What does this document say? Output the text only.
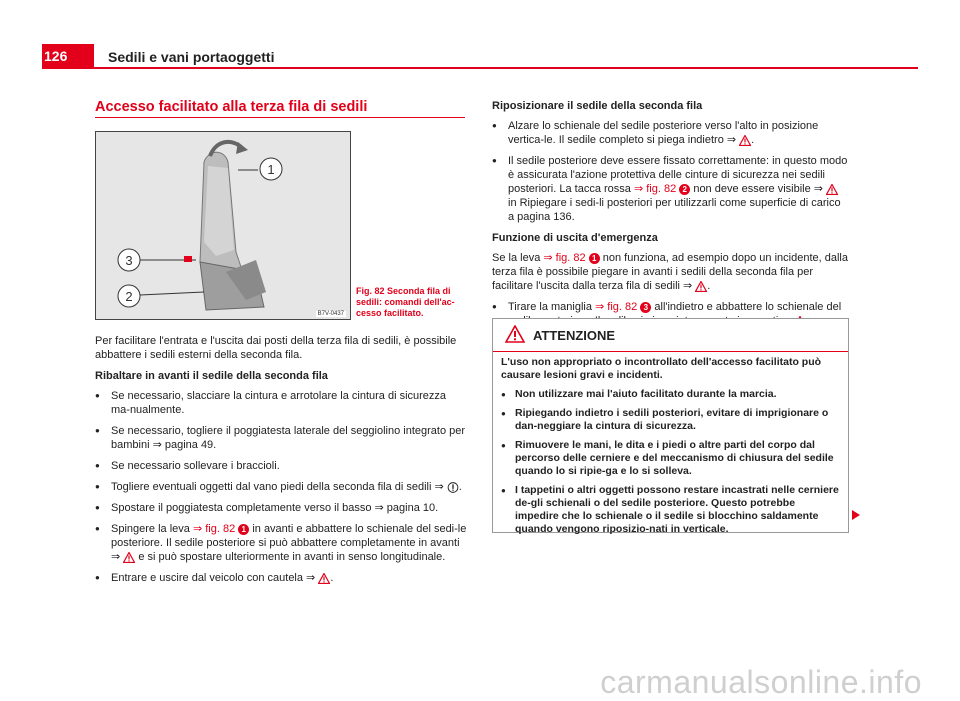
126	Sedili e vani portaoggetti
Accesso facilitato alla terza fila di sedili
1
3
2
B7V-0437
Fig. 82 Seconda fila di sedili: comandi dell'ac-cesso facilitato.

Per facilitare l'entrata e l'uscita dai posti della terza fila di sedili, è possibile abbattere i sedili esterni della seconda fila.

Ribaltare in avanti il sedile della seconda fila

● Se necessario, slacciare la cintura e arrotolare la cintura di sicurezza ma-nualmente.
● Se necessario, togliere il poggiatesta laterale del seggiolino integrato per bambini ⇒ pagina 49.
● Se necessario sollevare i braccioli.
● Togliere eventuali oggetti dal vano piedi della seconda fila di sedili ⇒ .
● Spostare il poggiatesta completamente verso il basso ⇒ pagina 10.
● Spingere la leva ⇒ fig. 82 1 in avanti e abbattere lo schienale del sedi-le posteriore. Il sedile posteriore si può abbattere completamente in avanti ⇒  e si può spostare ulteriormente in avanti in senso longitudinale.
● Entrare e uscire dal veicolo con cautela ⇒ .

Riposizionare il sedile della seconda fila

● Alzare lo schienale del sedile posteriore verso l'alto in posizione vertica-le. Il sedile completo si piega indietro ⇒ .
● Il sedile posteriore deve essere fissato correttamente: in questo modo è assicurata l'azione protettiva delle cinture di sicurezza nei sedili posteriori. La tacca rossa ⇒ fig. 82 2 non deve essere visibile ⇒  in Ripiegare i sedi-li posteriori per utilizzarli come superficie di carico a pagina 136.

Funzione di uscita d'emergenza

Se la leva ⇒ fig. 82 1 non funziona, ad esempio dopo un incidente, dalla terza fila è possibile piegare in avanti i sedili della seconda fila per facilitare l'uscita dalla terza fila di sedili ⇒ .

● Tirare la maniglia ⇒ fig. 82 3 all'indietro e abbattere lo schienale del
ATTENZIONE

L'uso non appropriato o incontrollato dell'accesso facilitato può causare lesioni gravi e incidenti.

● Non utilizzare mai l'aiuto facilitato durante la marcia.
● Ripiegando indietro i sedili posteriori, evitare di imprigionare o dan-neggiare la cintura di sicurezza.
● Rimuovere le mani, le dita e i piedi o altre parti del corpo dal percorso delle cerniere e del meccanismo di chiusura del sedile quando lo si ripie-ga e lo si solleva.
● I tappetini o altri oggetti possono restare incastrati nelle cerniere de-gli schienali o del sedile posteriore. Questo potrebbe impedire che lo schienale o il sedile si blocchino saldamente quando vengono riposizio-nati in verticale.
carmanualsonline.info
